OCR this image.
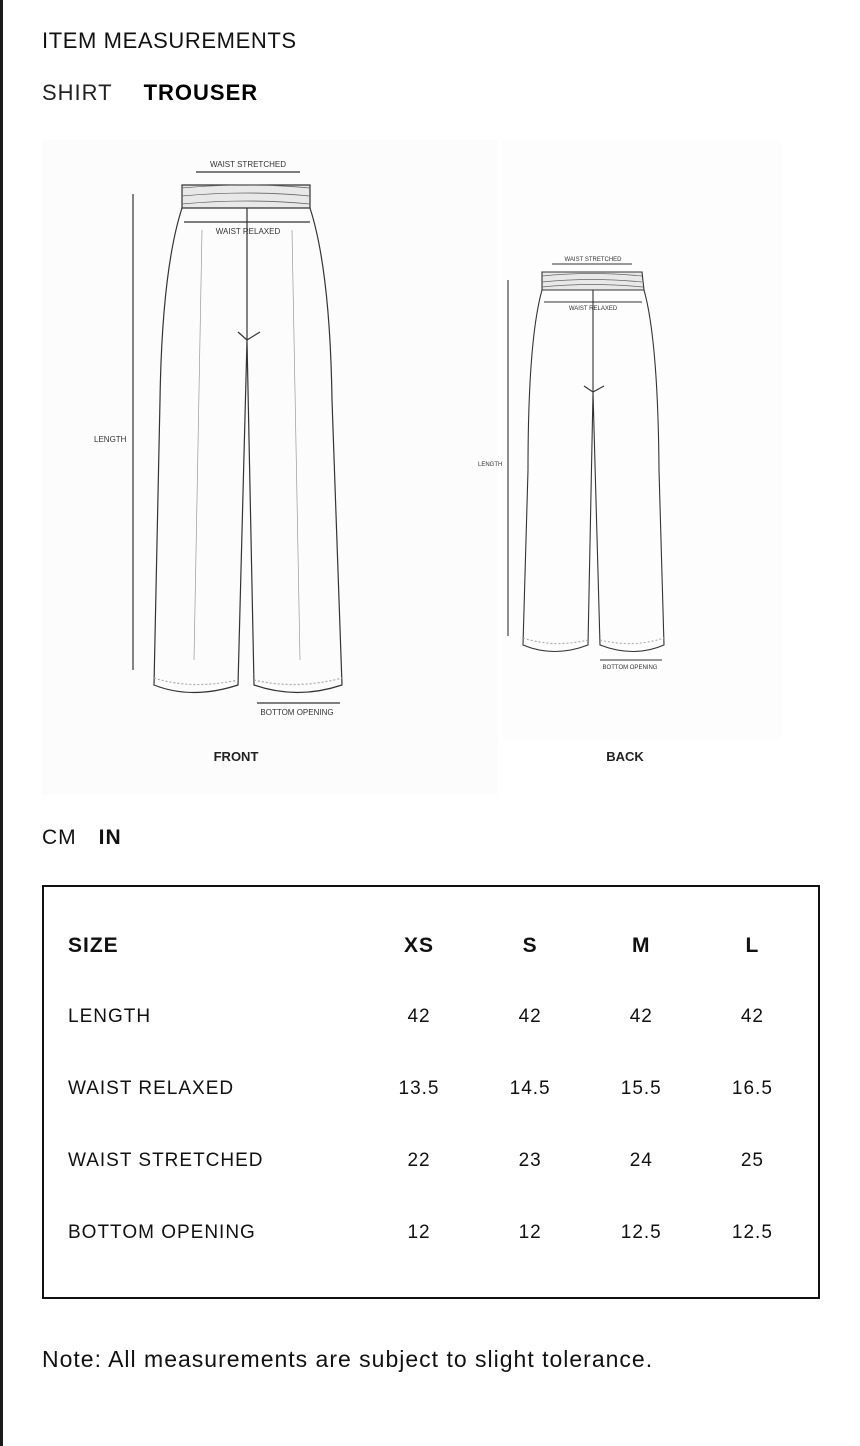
ITEM MEASUREMENTS
SHIRT TROUSER
WAIST STRETCHED
WAIST RELAXED
LENGTH
BOTTOM OPENING
FRONT
WAIST STRETCHED
WAIST RELAXED
LENGTH
BOTTOM OPENING
BACK
CM IN
SIZE	XS	S	M	L
LENGTH	42	42	42	42
WAIST RELAXED	13.5	14.5	15.5	16.5
WAIST STRETCHED	22	23	24	25
BOTTOM OPENING	12	12	12.5	12.5
Note: All measurements are subject to slight tolerance.
